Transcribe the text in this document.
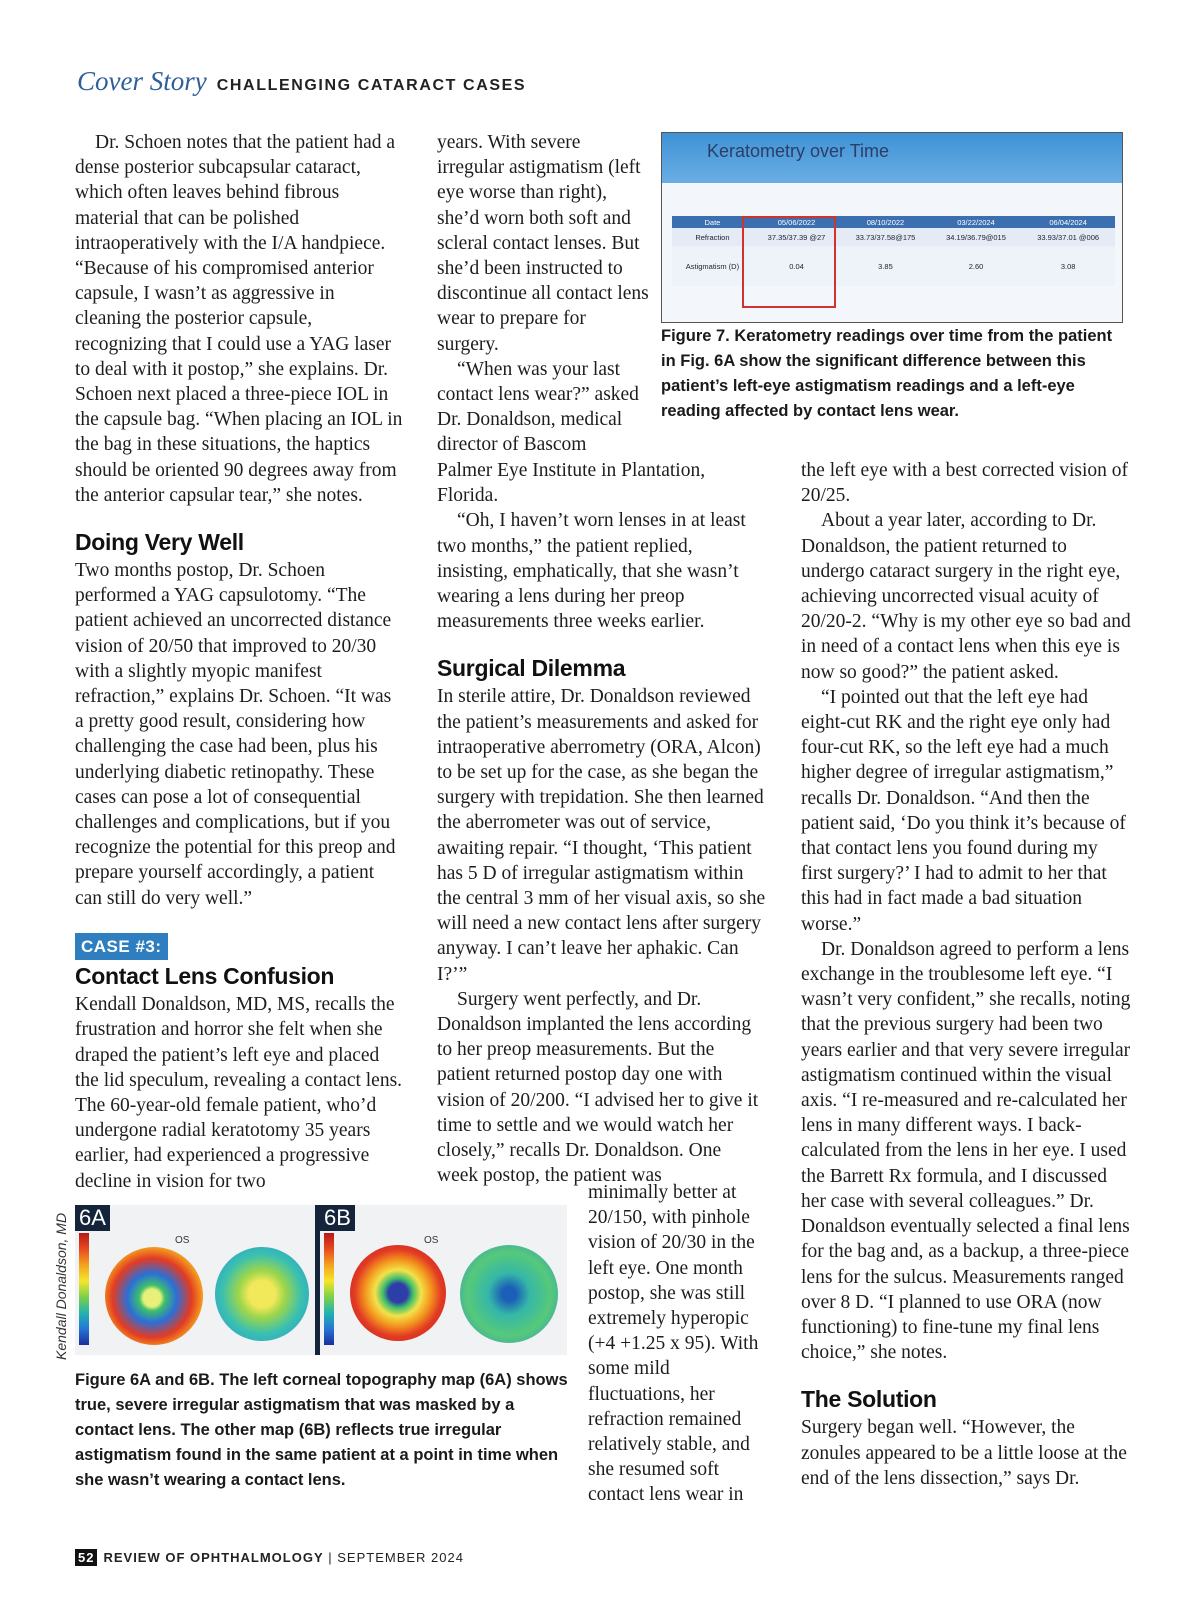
Cover Story CHALLENGING CATARACT CASES

Dr. Schoen notes that the patient had a dense posterior subcapsular cataract, which often leaves behind fibrous material that can be polished intraoperatively with the I/A handpiece. “Because of his compromised anterior capsule, I wasn’t as aggressive in cleaning the posterior capsule, recognizing that I could use a YAG laser to deal with it postop,” she explains. Dr. Schoen next placed a three-piece IOL in the capsule bag. “When placing an IOL in the bag in these situations, the haptics should be oriented 90 degrees away from the anterior capsular tear,” she notes.

Doing Very Well

Two months postop, Dr. Schoen performed a YAG capsulotomy. “The patient achieved an uncorrected distance vision of 20/50 that improved to 20/30 with a slightly myopic manifest refraction,” explains Dr. Schoen. “It was a pretty good result, considering how challenging the case had been, plus his underlying diabetic retinopathy. These cases can pose a lot of consequential challenges and complications, but if you recognize the potential for this preop and prepare yourself accordingly, a patient can still do very well.”

CASE #3:
Contact Lens Confusion

Kendall Donaldson, MD, MS, recalls the frustration and horror she felt when she draped the patient’s left eye and placed the lid speculum, revealing a contact lens. The 60-year-old female patient, who’d undergone radial keratotomy 35 years earlier, had experienced a progressive decline in vision for two

years. With severe irregular astigmatism (left eye worse than right), she’d worn both soft and scleral contact lenses. But she’d been instructed to discontinue all contact lens wear to prepare for surgery.

“When was your last contact lens wear?” asked Dr. Donaldson, medical director of Bascom

Palmer Eye Institute in Plantation, Florida.

“Oh, I haven’t worn lenses in at least two months,” the patient replied, insisting, emphatically, that she wasn’t wearing a lens during her preop measurements three weeks earlier.

Surgical Dilemma

In sterile attire, Dr. Donaldson reviewed the patient’s measurements and asked for intraoperative aberrometry (ORA, Alcon) to be set up for the case, as she began the surgery with trepidation. She then learned the aberrometer was out of service, awaiting repair. “I thought, ‘This patient has 5 D of irregular astigmatism within the central 3 mm of her visual axis, so she will need a new contact lens after surgery anyway. I can’t leave her aphakic. Can I?’”

Surgery went perfectly, and Dr. Donaldson implanted the lens according to her preop measurements. But the patient returned postop day one with vision of 20/200. “I advised her to give it time to settle and we would watch her closely,” recalls Dr. Donaldson. One week postop, the patient was

minimally better at 20/150, with pinhole vision of 20/30 in the left eye. One month postop, she was still extremely hyperopic (+4 +1.25 x 95). With some mild fluctuations, her refraction remained relatively stable, and she resumed soft contact lens wear in

the left eye with a best corrected vision of 20/25.

About a year later, according to Dr. Donaldson, the patient returned to undergo cataract surgery in the right eye, achieving uncorrected visual acuity of 20/20-2. “Why is my other eye so bad and in need of a contact lens when this eye is now so good?” the patient asked.

“I pointed out that the left eye had eight-cut RK and the right eye only had four-cut RK, so the left eye had a much higher degree of irregular astigmatism,” recalls Dr. Donaldson. “And then the patient said, ‘Do you think it’s because of that contact lens you found during my first surgery?’ I had to admit to her that this had in fact made a bad situation worse.”

Dr. Donaldson agreed to perform a lens exchange in the troublesome left eye. “I wasn’t very confident,” she recalls, noting that the previous surgery had been two years earlier and that very severe irregular astigmatism continued within the visual axis. “I re-measured and re-calculated her lens in many different ways. I back-calculated from the lens in her eye. I used the Barrett Rx formula, and I discussed her case with several colleagues.” Dr. Donaldson eventually selected a final lens for the bag and, as a backup, a three-piece lens for the sulcus. Measurements ranged over 8 D. “I planned to use ORA (now functioning) to fine-tune my final lens choice,” she notes.

The Solution

Surgery began well. “However, the zonules appeared to be a little loose at the end of the lens dissection,” says Dr.

Keratometry over Time
Date	05/06/2022	08/10/2022	03/22/2024	06/04/2024
Refraction	37.35/37.39 @27	33.73/37.58@175	34.19/36.79@015	33.93/37.01 @006
Astigmatism (D)	0.04	3.85	2.60	3.08
Figure 7. Keratometry readings over time from the patient in Fig. 6A show the significant difference between this patient’s left-eye astigmatism readings and a left-eye reading affected by contact lens wear.
OS	OS
6A	6B
Kendall Donaldson, MD
Figure 6A and 6B. The left corneal topography map (6A) shows true, severe irregular astigmatism that was masked by a contact lens. The other map (6B) reflects true irregular astigmatism found in the same patient at a point in time when she wasn’t wearing a contact lens.
52 REVIEW OF OPHTHALMOLOGY | SEPTEMBER 2024
